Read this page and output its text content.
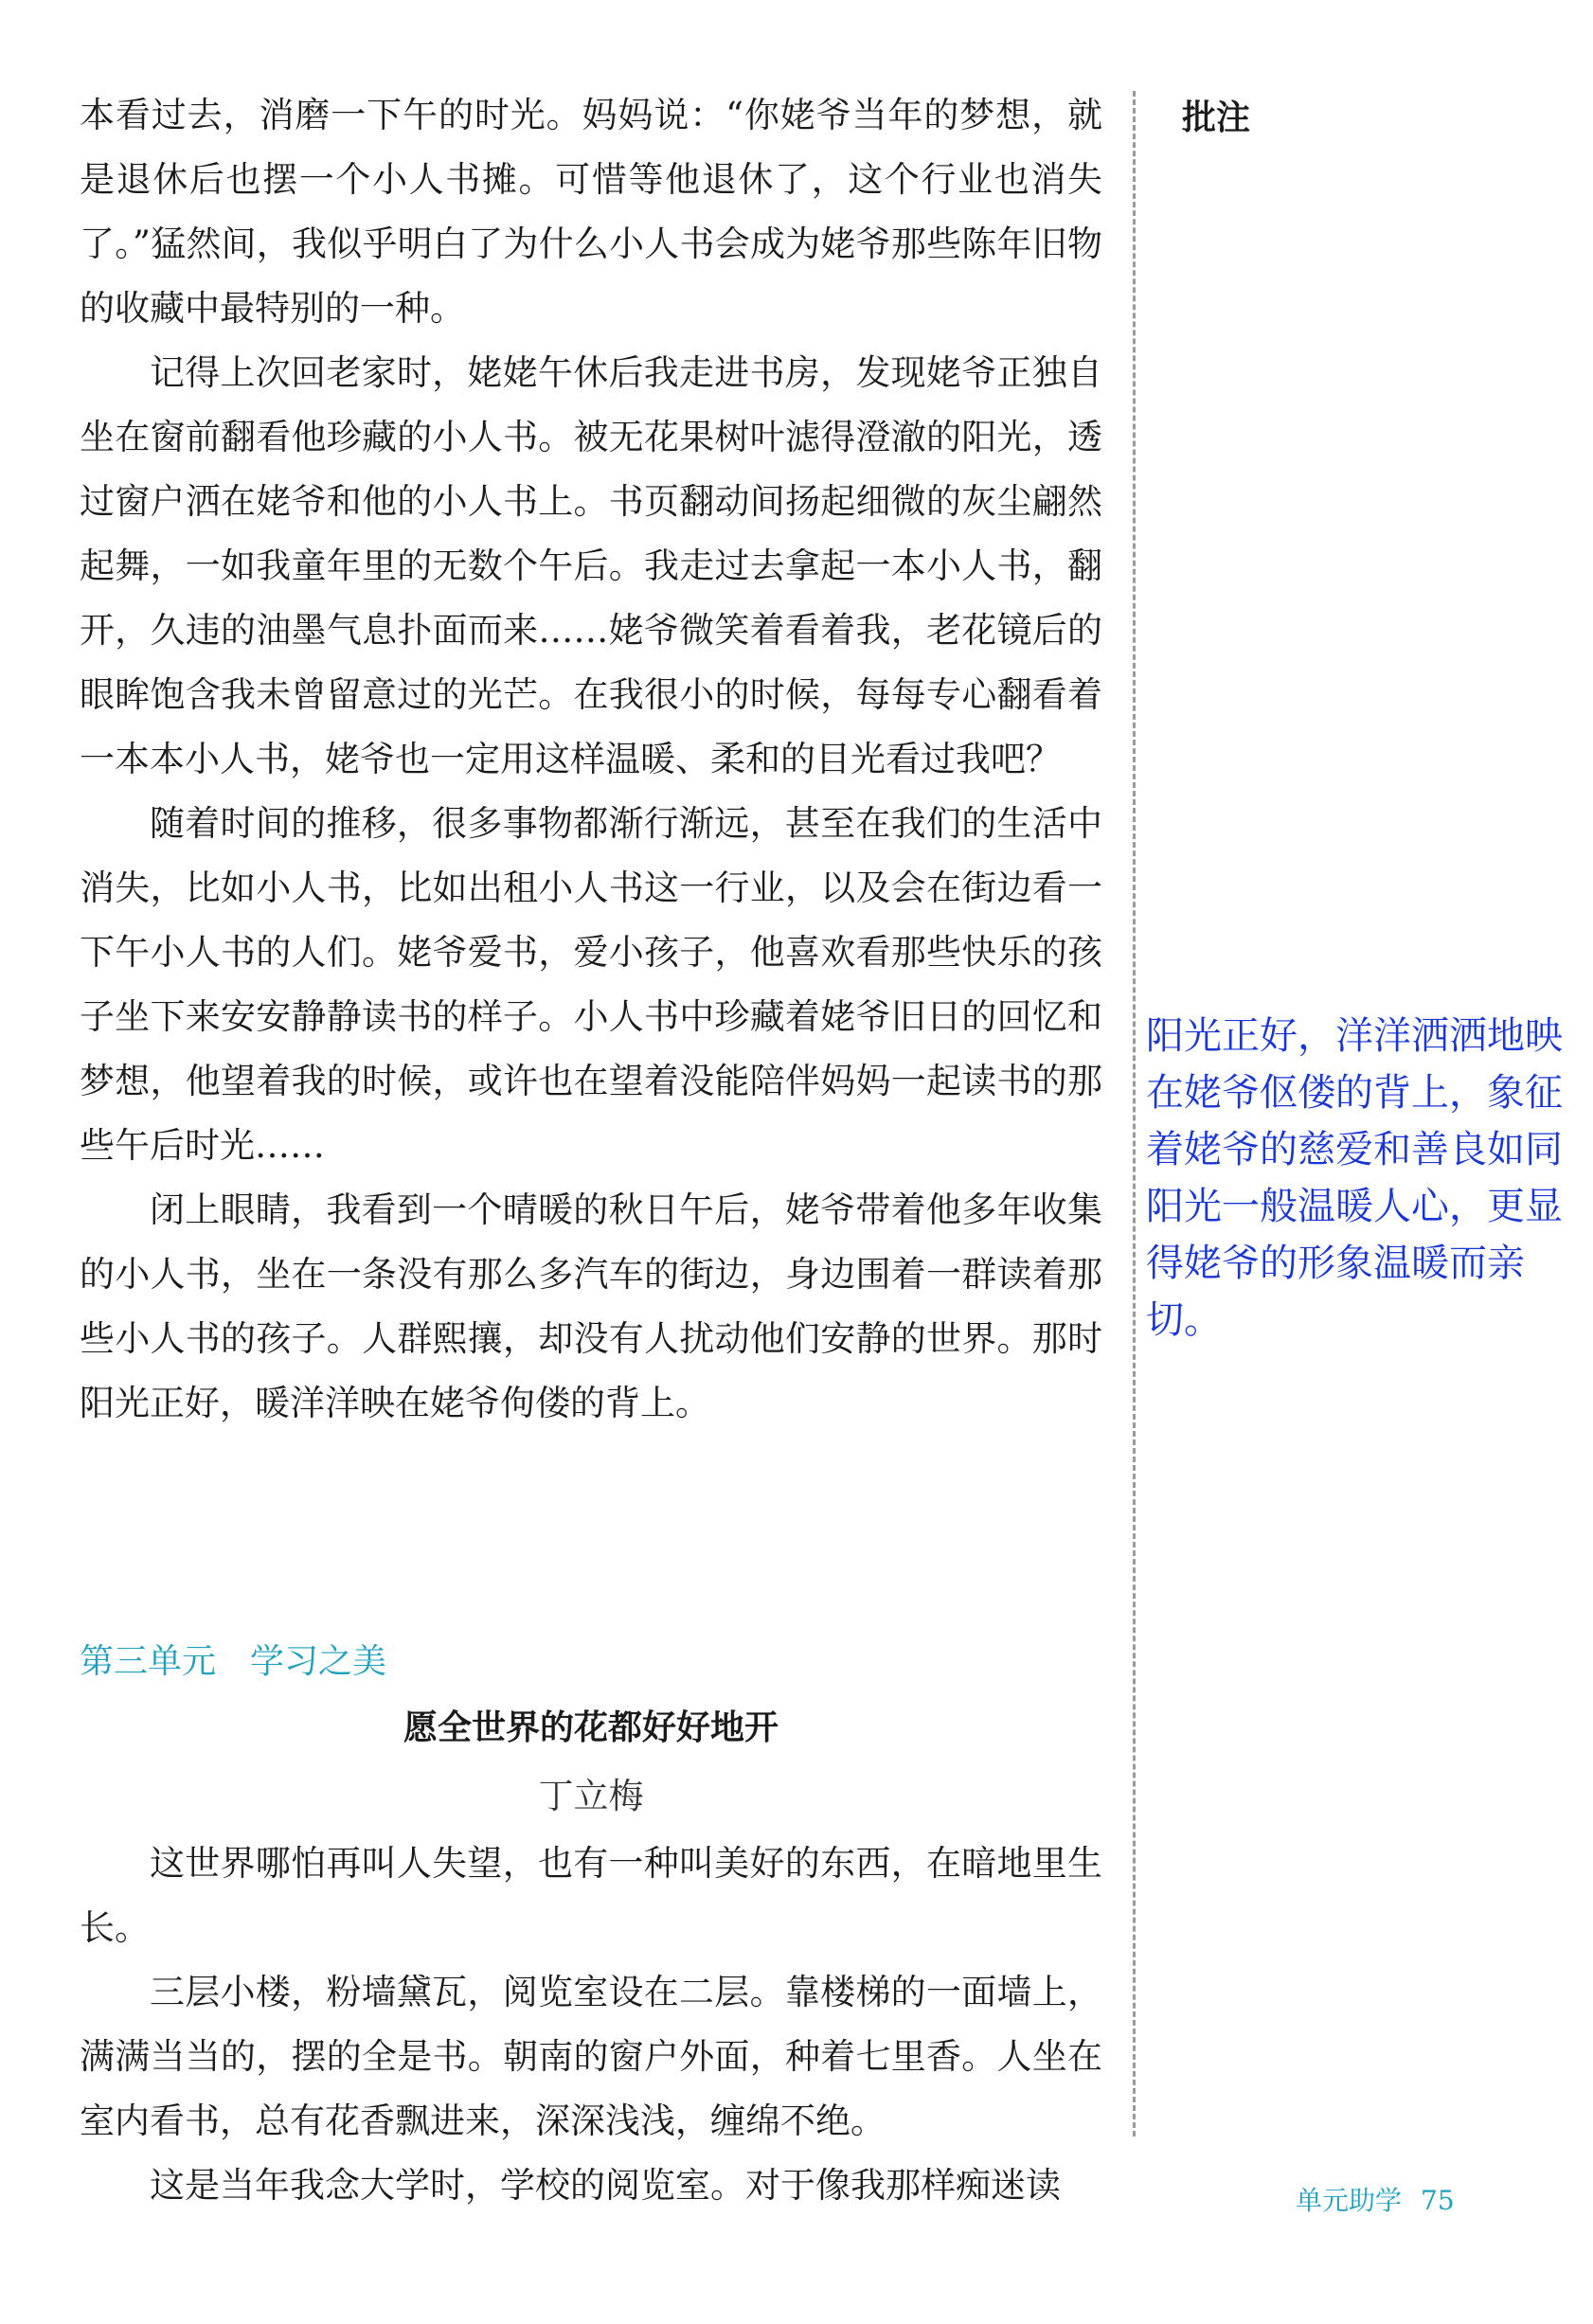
本看过去，消磨一下午的时光。妈妈说：“你姥爷当年的梦想，就是退休后也摆一个小人书摊。可惜等他退休了，这个行业也消失了。”猛然间，我似乎明白了为什么小人书会成为姥爷那些陈年旧物的收藏中最特别的一种。

记得上次回老家时，姥姥午休后我走进书房，发现姥爷正独自坐在窗前翻看他珍藏的小人书。被无花果树叶滤得澄澈的阳光，透过窗户洒在姥爷和他的小人书上。书页翻动间扬起细微的灰尘翩然起舞，一如我童年里的无数个午后。我走过去拿起一本小人书，翻开，久违的油墨气息扑面而来……姥爷微笑着看着我，老花镜后的眼眸饱含我未曾留意过的光芒。在我很小的时候，每每专心翻看着一本本小人书，姥爷也一定用这样温暖、柔和的目光看过我吧？

随着时间的推移，很多事物都渐行渐远，甚至在我们的生活中消失，比如小人书，比如出租小人书这一行业，以及会在街边看一下午小人书的人们。姥爷爱书，爱小孩子，他喜欢看那些快乐的孩子坐下来安安静静读书的样子。小人书中珍藏着姥爷旧日的回忆和梦想，他望着我的时候，或许也在望着没能陪伴妈妈一起读书的那些午后时光……

闭上眼睛，我看到一个晴暖的秋日午后，姥爷带着他多年收集的小人书，坐在一条没有那么多汽车的街边，身边围着一群读着那些小人书的孩子。人群熙攘，却没有人扰动他们安静的世界。那时阳光正好，暖洋洋映在姥爷佝偻的背上。

批注
阳光正好，洋洋洒洒地映在姥爷伛偻的背上，象征着姥爷的慈爱和善良如同阳光一般温暖人心，更显得姥爷的形象温暖而亲切。
第三单元　学习之美
愿全世界的花都好好地开
丁立梅

这世界哪怕再叫人失望，也有一种叫美好的东西，在暗地里生长。

三层小楼，粉墙黛瓦，阅览室设在二层。靠楼梯的一面墙上，满满当当的，摆的全是书。朝南的窗户外面，种着七里香。人坐在室内看书，总有花香飘进来，深深浅浅，缠绵不绝。

这是当年我念大学时，学校的阅览室。对于像我那样痴迷读	单元助学 75
